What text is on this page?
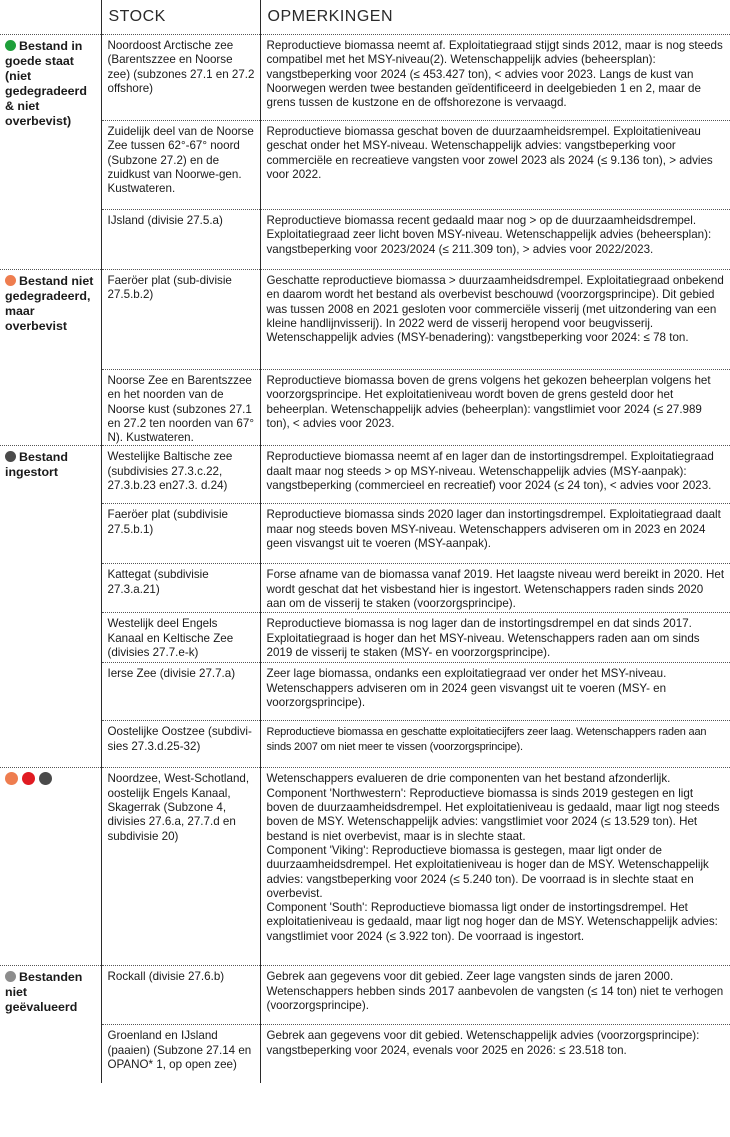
	STOCK	OPMERKINGEN
Bestand in goede staat (niet gedegradeerd & niet overbevist)	Noordoost Arctische zee (Barentszzee en Noorse zee) (subzones 27.1 en 27.2 offshore)	Reproductieve biomassa neemt af. Exploitatiegraad stijgt sinds 2012, maar is nog steeds compatibel met het MSY-niveau(2). Wetenschappelijk advies (beheersplan): vangstbeperking voor 2024 (≤ 453.427 ton), < advies voor 2023. Langs de kust van Noorwegen werden twee bestanden geïdentificeerd in deelgebieden 1 en 2, maar de grens tussen de kustzone en de offshorezone is vervaagd.
	Zuidelijk deel van de Noorse Zee tussen 62°-67° noord (Subzone 27.2) en de zuidkust van Noorwe-gen. Kustwateren.	Reproductieve biomassa geschat boven de duurzaamheidsrempel. Exploitatieniveau geschat onder het MSY-niveau. Wetenschappelijk advies: vangstbeperking voor commerciële en recreatieve vangsten voor zowel 2023 als 2024 (≤ 9.136 ton), > advies voor 2022.
	IJsland (divisie 27.5.a)	Reproductieve biomassa recent gedaald maar nog > op de duurzaamheidsdrempel. Exploitatiegraad zeer licht boven MSY-niveau. Wetenschappelijk advies (beheersplan): vangstbeperking voor 2023/2024 (≤ 211.309 ton), > advies voor 2022/2023.
Bestand niet gedegradeerd, maar overbevist	Faeröer plat (sub-divisie 27.5.b.2)	Geschatte reproductieve biomassa > duurzaamheidsdrempel. Exploitatiegraad onbekend en daarom wordt het bestand als overbevist beschouwd (voorzorgsprincipe). Dit gebied was tussen 2008 en 2021 gesloten voor commerciële visserij (met uitzondering van een kleine handlijnvisserij). In 2022 werd de visserij heropend voor beugvisserij. Wetenschappelijk advies (MSY-benadering): vangstbeperking voor 2024: ≤ 78 ton.
	Noorse Zee en Barentszzee en het noorden van de Noorse kust (subzones 27.1 en 27.2 ten noorden van 67° N). Kustwateren.	Reproductieve biomassa boven de grens volgens het gekozen beheerplan volgens het voorzorgsprincipe. Het exploitatieniveau wordt boven de grens gesteld door het beheerplan. Wetenschappelijk advies (beheerplan): vangstlimiet voor 2024 (≤ 27.989 ton), < advies voor 2023.
Bestand ingestort	Westelijke Baltische zee (subdivisies 27.3.c.22, 27.3.b.23 en27.3. d.24)	Reproductieve biomassa neemt af en lager dan de instortingsdrempel. Exploitatiegraad daalt maar nog steeds > op MSY-niveau. Wetenschappelijk advies (MSY-aanpak): vangstbeperking (commercieel en recreatief) voor 2024 (≤ 24 ton), < advies voor 2023.
	Faeröer plat (subdivisie 27.5.b.1)	Reproductieve biomassa sinds 2020 lager dan instortingsdrempel. Exploitatiegraad daalt maar nog steeds boven MSY-niveau. Wetenschappers adviseren om in 2023 en 2024 geen visvangst uit te voeren (MSY-aanpak).
	Kattegat (subdivisie 27.3.a.21)	Forse afname van de biomassa vanaf 2019. Het laagste niveau werd bereikt in 2020. Het wordt geschat dat het visbestand hier is ingestort. Wetenschappers raden sinds 2020 aan om de visserij te staken (voorzorgsprincipe).
	Westelijk deel Engels Kanaal en Keltische Zee (divisies 27.7.e-k)	Reproductieve biomassa is nog lager dan de instortingsdrempel en dat sinds 2017. Exploitatiegraad is hoger dan het MSY-niveau. Wetenschappers raden aan om sinds 2019 de visserij te staken (MSY- en voorzorgsprincipe).
	Ierse Zee (divisie 27.7.a)	Zeer lage biomassa, ondanks een exploitatiegraad ver onder het MSY-niveau. Wetenschappers adviseren om in 2024 geen visvangst uit te voeren (MSY- en voorzorgsprincipe).
	Oostelijke Oostzee (subdivi-sies 27.3.d.25-32)	Reproductieve biomassa en geschatte exploitatiecijfers zeer laag. Wetenschappers raden aan sinds 2007 om niet meer te vissen (voorzorgsprincipe).

	Noordzee, West-Schotland, oostelijk Engels Kanaal, Skagerrak (Subzone 4, divisies 27.6.a, 27.7.d en subdivisie 20)	Wetenschappers evalueren de drie componenten van het bestand afzonderlijk.
Component 'Northwestern': Reproductieve biomassa is sinds 2019 gestegen en ligt boven de duurzaamheidsdrempel. Het exploitatieniveau is gedaald, maar ligt nog steeds boven de MSY. Wetenschappelijk advies: vangstlimiet voor 2024 (≤ 13.529 ton). Het bestand is niet overbevist, maar is in slechte staat.
Component 'Viking': Reproductieve biomassa is gestegen, maar ligt onder de duurzaamheidsdrempel. Het exploitatieniveau is hoger dan de MSY. Wetenschappelijk advies: vangstbeperking voor 2024 (≤ 5.240 ton). De voorraad is in slechte staat en overbevist.
Component 'South': Reproductieve biomassa ligt onder de instortingsdrempel. Het exploitatieniveau is gedaald, maar ligt nog hoger dan de MSY. Wetenschappelijk advies: vangstlimiet voor 2024 (≤ 3.922 ton). De voorraad is ingestort.

Bestanden niet geëvalueerd	Rockall (divisie 27.6.b)	Gebrek aan gegevens voor dit gebied. Zeer lage vangsten sinds de jaren 2000. Wetenschappers hebben sinds 2017 aanbevolen de vangsten (≤ 14 ton) niet te verhogen (voorzorgsprincipe).
	Groenland en IJsland (paaien) (Subzone 27.14 en OPANO* 1, op open zee)	Gebrek aan gegevens voor dit gebied. Wetenschappelijk advies (voorzorgsprincipe): vangstbeperking voor 2024, evenals voor 2025 en 2026: ≤ 23.518 ton.
